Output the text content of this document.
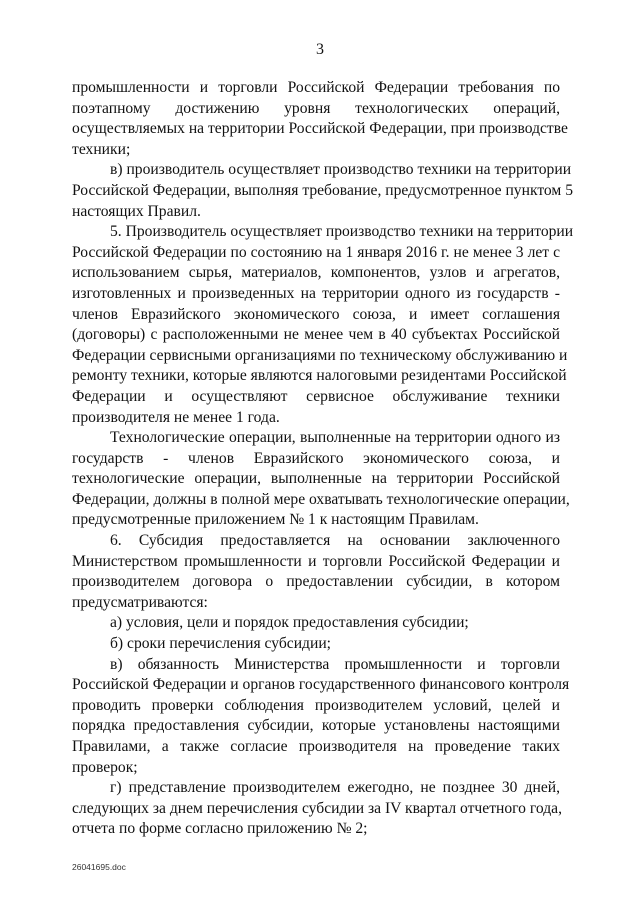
3
промышленности и торговли Российской Федерации требования по
поэтапному достижению уровня технологических операций,
осуществляемых на территории Российской Федерации, при производстве
техники;
в) производитель осуществляет производство техники на территории
Российской Федерации, выполняя требование, предусмотренное пунктом 5
настоящих Правил.
5. Производитель осуществляет производство техники на территории
Российской Федерации по состоянию на 1 января 2016 г. не менее 3 лет с
использованием сырья, материалов, компонентов, узлов и агрегатов,
изготовленных и произведенных на территории одного из государств -
членов Евразийского экономического союза, и имеет соглашения
(договоры) с расположенными не менее чем в 40 субъектах Российской
Федерации сервисными организациями по техническому обслуживанию и
ремонту техники, которые являются налоговыми резидентами Российской
Федерации и осуществляют сервисное обслуживание техники
производителя не менее 1 года.
Технологические операции, выполненные на территории одного из
государств - членов Евразийского экономического союза, и
технологические операции, выполненные на территории Российской
Федерации, должны в полной мере охватывать технологические операции,
предусмотренные приложением № 1 к настоящим Правилам.
6. Субсидия предоставляется на основании заключенного
Министерством промышленности и торговли Российской Федерации и
производителем договора о предоставлении субсидии, в котором
предусматриваются:
а) условия, цели и порядок предоставления субсидии;
б) сроки перечисления субсидии;
в) обязанность Министерства промышленности и торговли
Российской Федерации и органов государственного финансового контроля
проводить проверки соблюдения производителем условий, целей и
порядка предоставления субсидии, которые установлены настоящими
Правилами, а также согласие производителя на проведение таких
проверок;
г) представление производителем ежегодно, не позднее 30 дней,
следующих за днем перечисления субсидии за IV квартал отчетного года,
отчета по форме согласно приложению № 2;
26041695.doc
